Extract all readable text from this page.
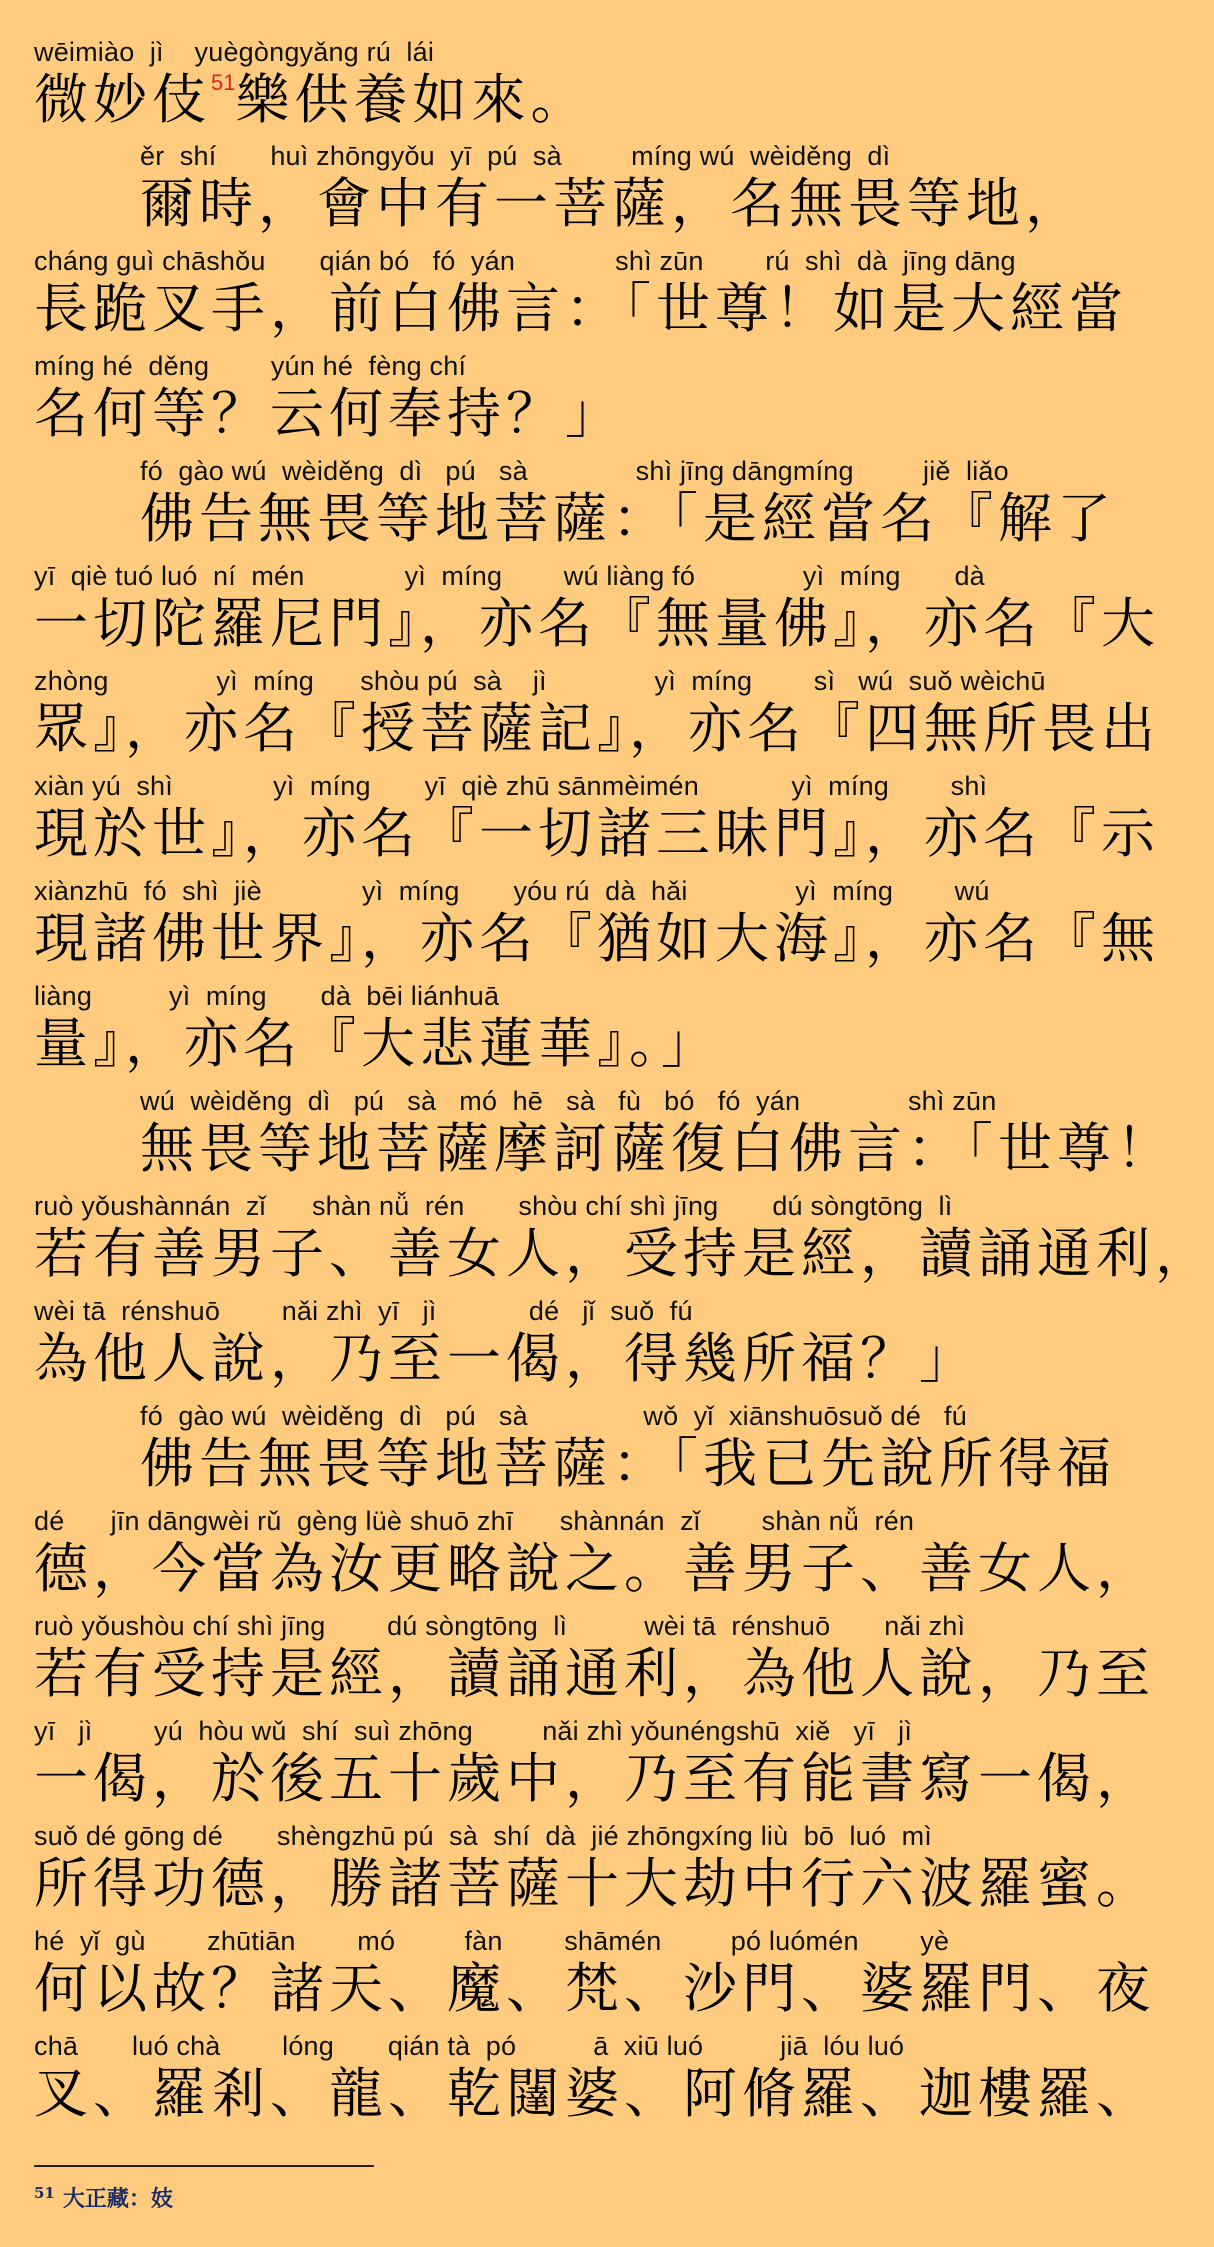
wēimiào  jì    yuègòngyǎng rú  lái
微妙伎$^{51}$樂供養如來。
ěr  shí       huì zhōngyǒu  yī  pú  sà         míng wú  wèiděng  dì
爾時，會中有一菩薩，名無畏等地，
cháng guì chāshǒu       qián bó   fó  yán             shì zūn        rú  shì  dà  jīng dāng
長跪叉手，前白佛言：「世尊！如是大經當
míng hé  děng        yún hé  fèng chí
名何等？云何奉持？」
fó  gào wú  wèiděng  dì   pú   sà              shì jīng dāngmíng         jiě  liǎo
佛告無畏等地菩薩：「是經當名『解了
yī  qiè tuó luó  ní  mén             yì  míng        wú liàng fó              yì  míng       dà
一切陀羅尼門』，亦名『無量佛』，亦名『大
zhòng              yì  míng      shòu pú  sà    jì              yì  míng        sì   wú  suǒ wèichū
眾』，亦名『授菩薩記』，亦名『四無所畏出
xiàn yú  shì             yì  míng       yī  qiè zhū sānmèimén            yì  míng        shì
現於世』，亦名『一切諸三昧門』，亦名『示
xiànzhū  fó  shì  jiè             yì  míng       yóu rú  dà  hǎi              yì  míng        wú
現諸佛世界』，亦名『猶如大海』，亦名『無
liàng          yì  míng       dà  bēi liánhuā
量』，亦名『大悲蓮華』。」
wú  wèiděng  dì   pú   sà   mó  hē   sà   fù   bó   fó  yán              shì zūn
無畏等地菩薩摩訶薩復白佛言：「世尊！
ruò yǒushànnán  zǐ      shàn nǚ  rén       shòu chí shì jīng       dú sòngtōng  lì
若有善男子、善女人，受持是經，讀誦通利，
wèi tā  rénshuō        nǎi zhì  yī   jì            dé   jǐ  suǒ  fú
為他人說，乃至一偈，得幾所福？」
fó  gào wú  wèiděng  dì   pú   sà               wǒ  yǐ  xiānshuōsuǒ dé   fú
佛告無畏等地菩薩：「我已先說所得福
dé      jīn dāngwèi rǔ  gèng lüè shuō zhī      shànnán  zǐ        shàn nǚ  rén
德，今當為汝更略說之。善男子、善女人，
ruò yǒushòu chí shì jīng        dú sòngtōng  lì          wèi tā  rénshuō       nǎi zhì
若有受持是經，讀誦通利，為他人說，乃至
yī   jì        yú  hòu wǔ  shí  suì zhōng         nǎi zhì yǒunéngshū  xiě   yī   jì
一偈，於後五十歲中，乃至有能書寫一偈，
suǒ dé gōng dé       shèngzhū pú  sà  shí  dà  jié zhōngxíng liù  bō  luó  mì
所得功德，勝諸菩薩十大劫中行六波羅蜜。
hé  yǐ  gù        zhūtiān        mó         fàn        shāmén         pó luómén        yè
何以故？諸天、魔、梵、沙門、婆羅門、夜
chā       luó chà        lóng       qián tà  pó          ā  xiū luó          jiā  lóu luó
叉、羅剎、龍、乾闥婆、阿脩羅、迦樓羅、
$^{51}$ 大正藏：妓
